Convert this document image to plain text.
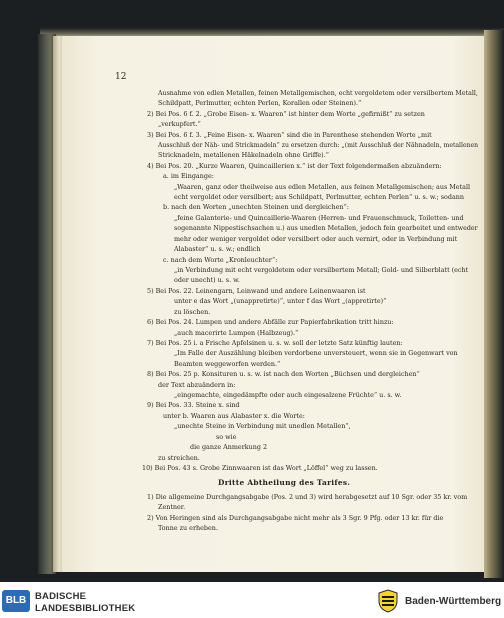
12
Ausnahme von edlen Metallen, feinen Metallgemischen, echt vergoldetem oder versilbertem Metall,
Schildpatt, Perlmutter, echten Perlen, Korallen oder Steinen).“
2) Bei Pos. 6 f. 2. „Grobe Eisen- x. Waaren“ ist hinter dem Worte „gefirnißt“ zu setzen
„verkupfert.“
3) Bei Pos. 6 f. 3. „Feine Eisen- x. Waaren“ sind die in Parenthese stehenden Worte „mit
Ausschluß der Näh- und Strickmadeln“ zu ersetzen durch: „(mit Ausschluß der Nähnadeln, metallenen
Stricknadeln, metallenen Häkelnadeln ohne Griffe).“
4) Bei Pos. 20. „Kurze Waaren, Quincaillerien x.“ ist der Text folgendermaßen abzuändern:
a. im Eingange:
„Waaren, ganz oder theilweise aus edlen Metallen, aus feinen Metallgemischen; aus Metall
echt vergoldet oder versilbert; aus Schildpatt, Perlmutter, echten Perlen“ u. s. w.; sodann
b. nach den Worten „unechten Steinen und dergleichen“:
„feine Galanterie- und Quincaillerie-Waaren (Herren- und Frauenschmuck, Toiletten- und
sogenannte Nippestischsachen u.) aus unedlen Metallen, jedoch fein gearbeitet und entweder
mehr oder weniger vergoldet oder versilbert oder auch vernirt, oder in Verbindung mit
Alabaster“ u. s. w.; endlich
c. nach dem Worte „Kronleuchter“:
„in Verbindung mit echt vergoldetem oder versilbertem Metall; Gold- und Silberblatt (echt
oder unecht) u. s. w.
5) Bei Pos. 22. Leinengarn, Leinwand und andere Leinenwaaren ist
unter e das Wort „(unappretirte)“, unter f das Wort „(appretirte)“
zu löschen.
6) Bei Pos. 24. Lumpen und andere Abfälle zur Papierfabrikation tritt hinzu:
„auch macerirte Lumpen (Halbzeug).“
7) Bei Pos. 25 i. a Frische Apfelsinen u. s. w. soll der letzte Satz künftig lauten:
„Im Falle der Auszählung bleiben verdorbene unversteuert, wenn sie in Gegenwart von
Beamten weggeworfen werden.“
8) Bei Pos. 25 p. Konsituren u. s. w. ist nach den Worten „Büchsen und dergleichen“
der Text abzuändern in:
„eingemachte, eingedämpfte oder auch eingesalzene Früchte“ u. s. w.
9) Bei Pos. 33. Steine x. sind
unter b. Waaren aus Alabaster x. die Worte:
„unechte Steine in Verbindung mit unedlen Metallen“,
so wie
die ganze Anmerkung 2
zu streichen.
10) Bei Pos. 43 s. Grobe Zinnwaaren ist das Wort „Löffel“ weg zu lassen.
Dritte Abtheilung des Tarifes.
1) Die allgemeine Durchgangsabgabe (Pos. 2 und 3) wird herabgesetzt auf 10 Sgr. oder 35 kr. vom
Zentner.
2) Von Heringen sind als Durchgangsabgabe nicht mehr als 3 Sgr. 9 Pfg. oder 13 kr. für die
Tonne zu erheben.
BLB BADISCHE
LANDESBIBLIOTHEK
Baden-Württemberg
